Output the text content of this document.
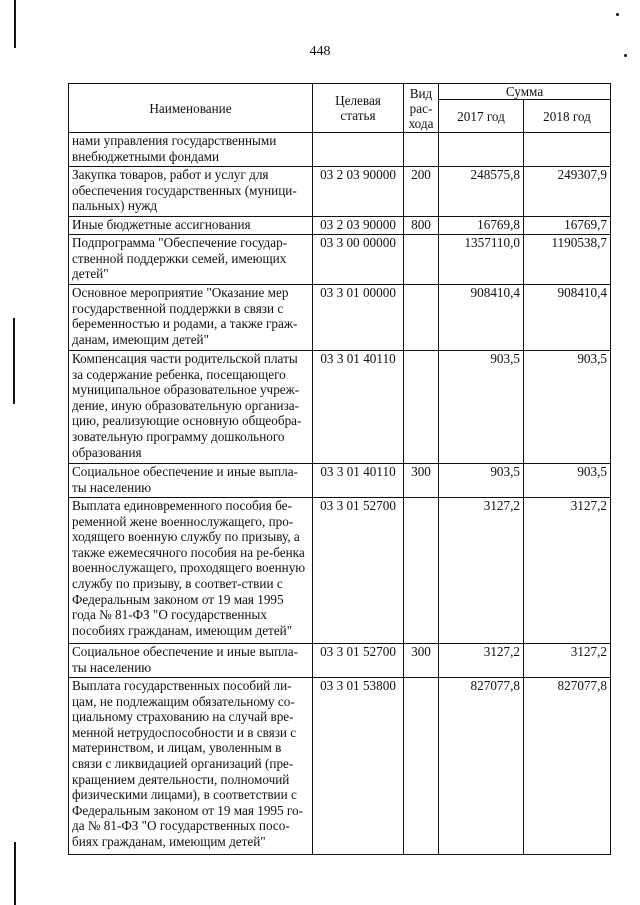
448
Наименование	Целевая статья	Вид рас-хода	Сумма	
			2017 год	2018 год
нами управления государственными внебюджетными фондами				
Закупка товаров, работ и услуг для обеспечения государственных (муници-пальных) нужд	03 2 03 90000	200	248575,8	249307,9
Иные бюджетные ассигнования	03 2 03 90000	800	16769,8	16769,7
Подпрограмма "Обеспечение государ-ственной поддержки семей, имеющих детей"	03 3 00 00000		1357110,0	1190538,7
Основное мероприятие "Оказание мер государственной поддержки в связи с беременностью и родами, а также граж-данам, имеющим детей"	03 3 01 00000		908410,4	908410,4
Компенсация части родительской платы за содержание ребенка, посещающего муниципальное образовательное учреж-дение, иную образовательную организа-цию, реализующие основную общеобра-зовательную программу дошкольного образования	03 3 01 40110		903,5	903,5
Социальное обеспечение и иные выпла-ты населению	03 3 01 40110	300	903,5	903,5
Выплата единовременного пособия бе-ременной жене военнослужащего, про-ходящего военную службу по призыву, а также ежемесячного пособия на ре-бенка военнослужащего, проходящего военную службу по призыву, в соответ-ствии с Федеральным законом от 19 мая 1995 года № 81-ФЗ "О государственных пособиях гражданам, имеющим детей"	03 3 01 52700		3127,2	3127,2
Социальное обеспечение и иные выпла-ты населению	03 3 01 52700	300	3127,2	3127,2
Выплата государственных пособий ли-цам, не подлежащим обязательному со-циальному страхованию на случай вре-менной нетрудоспособности и в связи с материнством, и лицам, уволенным в связи с ликвидацией организаций (пре-кращением деятельности, полномочий физическими лицами), в соответствии с Федеральным законом от 19 мая 1995 го-да № 81-ФЗ "О государственных посо-биях гражданам, имеющим детей"	03 3 01 53800		827077,8	827077,8
